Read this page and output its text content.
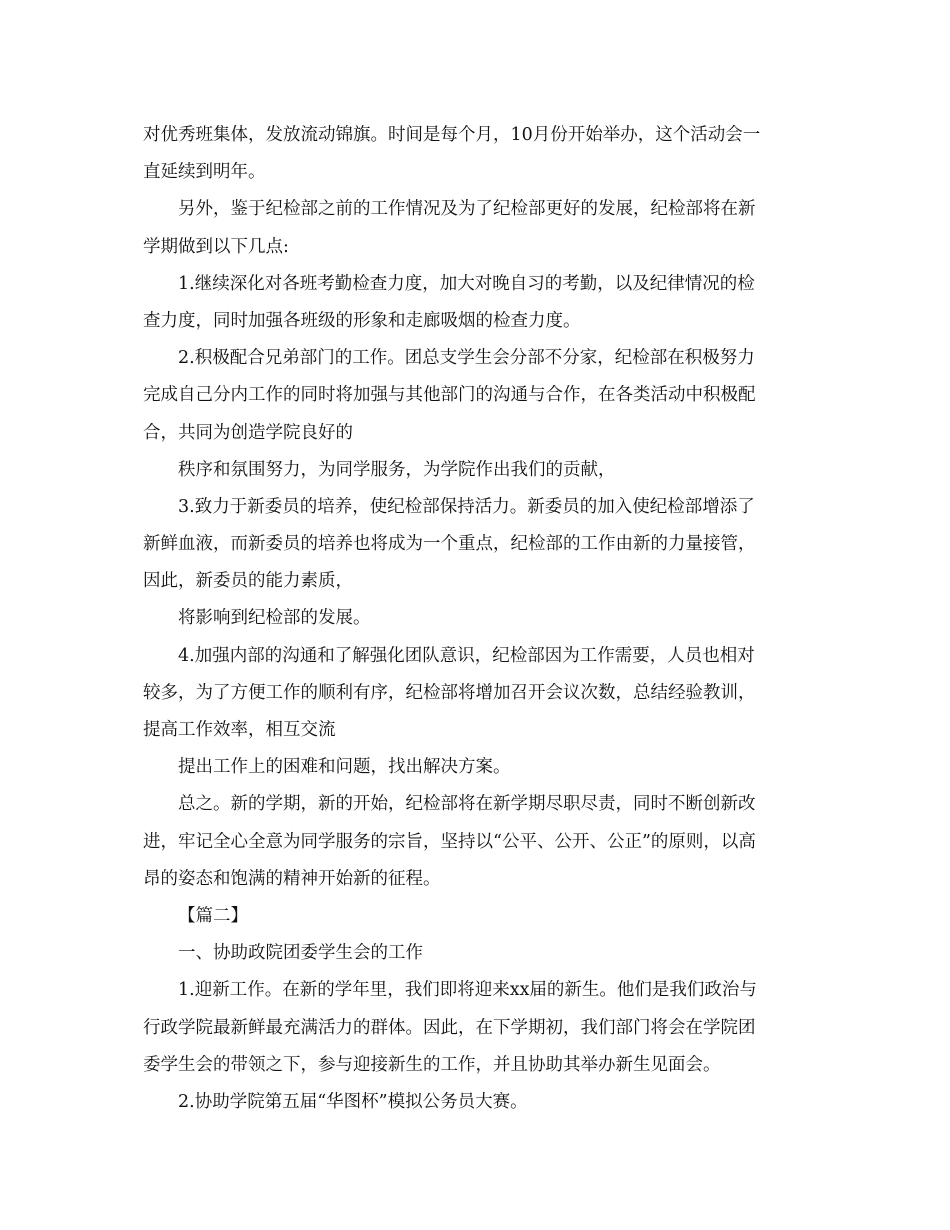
对优秀班集体，发放流动锦旗。时间是每个月，10月份开始举办，这个活动会一
直延续到明年。
另外，鉴于纪检部之前的工作情况及为了纪检部更好的发展，纪检部将在新
学期做到以下几点:
1.继续深化对各班考勤检查力度，加大对晚自习的考勤，以及纪律情况的检
查力度，同时加强各班级的形象和走廊吸烟的检查力度。
2.积极配合兄弟部门的工作。团总支学生会分部不分家，纪检部在积极努力
完成自己分内工作的同时将加强与其他部门的沟通与合作，在各类活动中积极配
合，共同为创造学院良好的
秩序和氛围努力，为同学服务，为学院作出我们的贡献，
3.致力于新委员的培养，使纪检部保持活力。新委员的加入使纪检部增添了
新鲜血液，而新委员的培养也将成为一个重点，纪检部的工作由新的力量接管，
因此，新委员的能力素质，
将影响到纪检部的发展。
4.加强内部的沟通和了解强化团队意识，纪检部因为工作需要，人员也相对
较多，为了方便工作的顺利有序，纪检部将增加召开会议次数，总结经验教训，
提高工作效率，相互交流
提出工作上的困难和问题，找出解决方案。
总之。新的学期，新的开始，纪检部将在新学期尽职尽责，同时不断创新改
进，牢记全心全意为同学服务的宗旨，坚持以“公平、公开、公正”的原则，以高
昂的姿态和饱满的精神开始新的征程。
【篇二】
一、协助政院团委学生会的工作
1.迎新工作。在新的学年里，我们即将迎来xx届的新生。他们是我们政治与
行政学院最新鲜最充满活力的群体。因此，在下学期初，我们部门将会在学院团
委学生会的带领之下，参与迎接新生的工作，并且协助其举办新生见面会。
2.协助学院第五届“华图杯”模拟公务员大赛。
